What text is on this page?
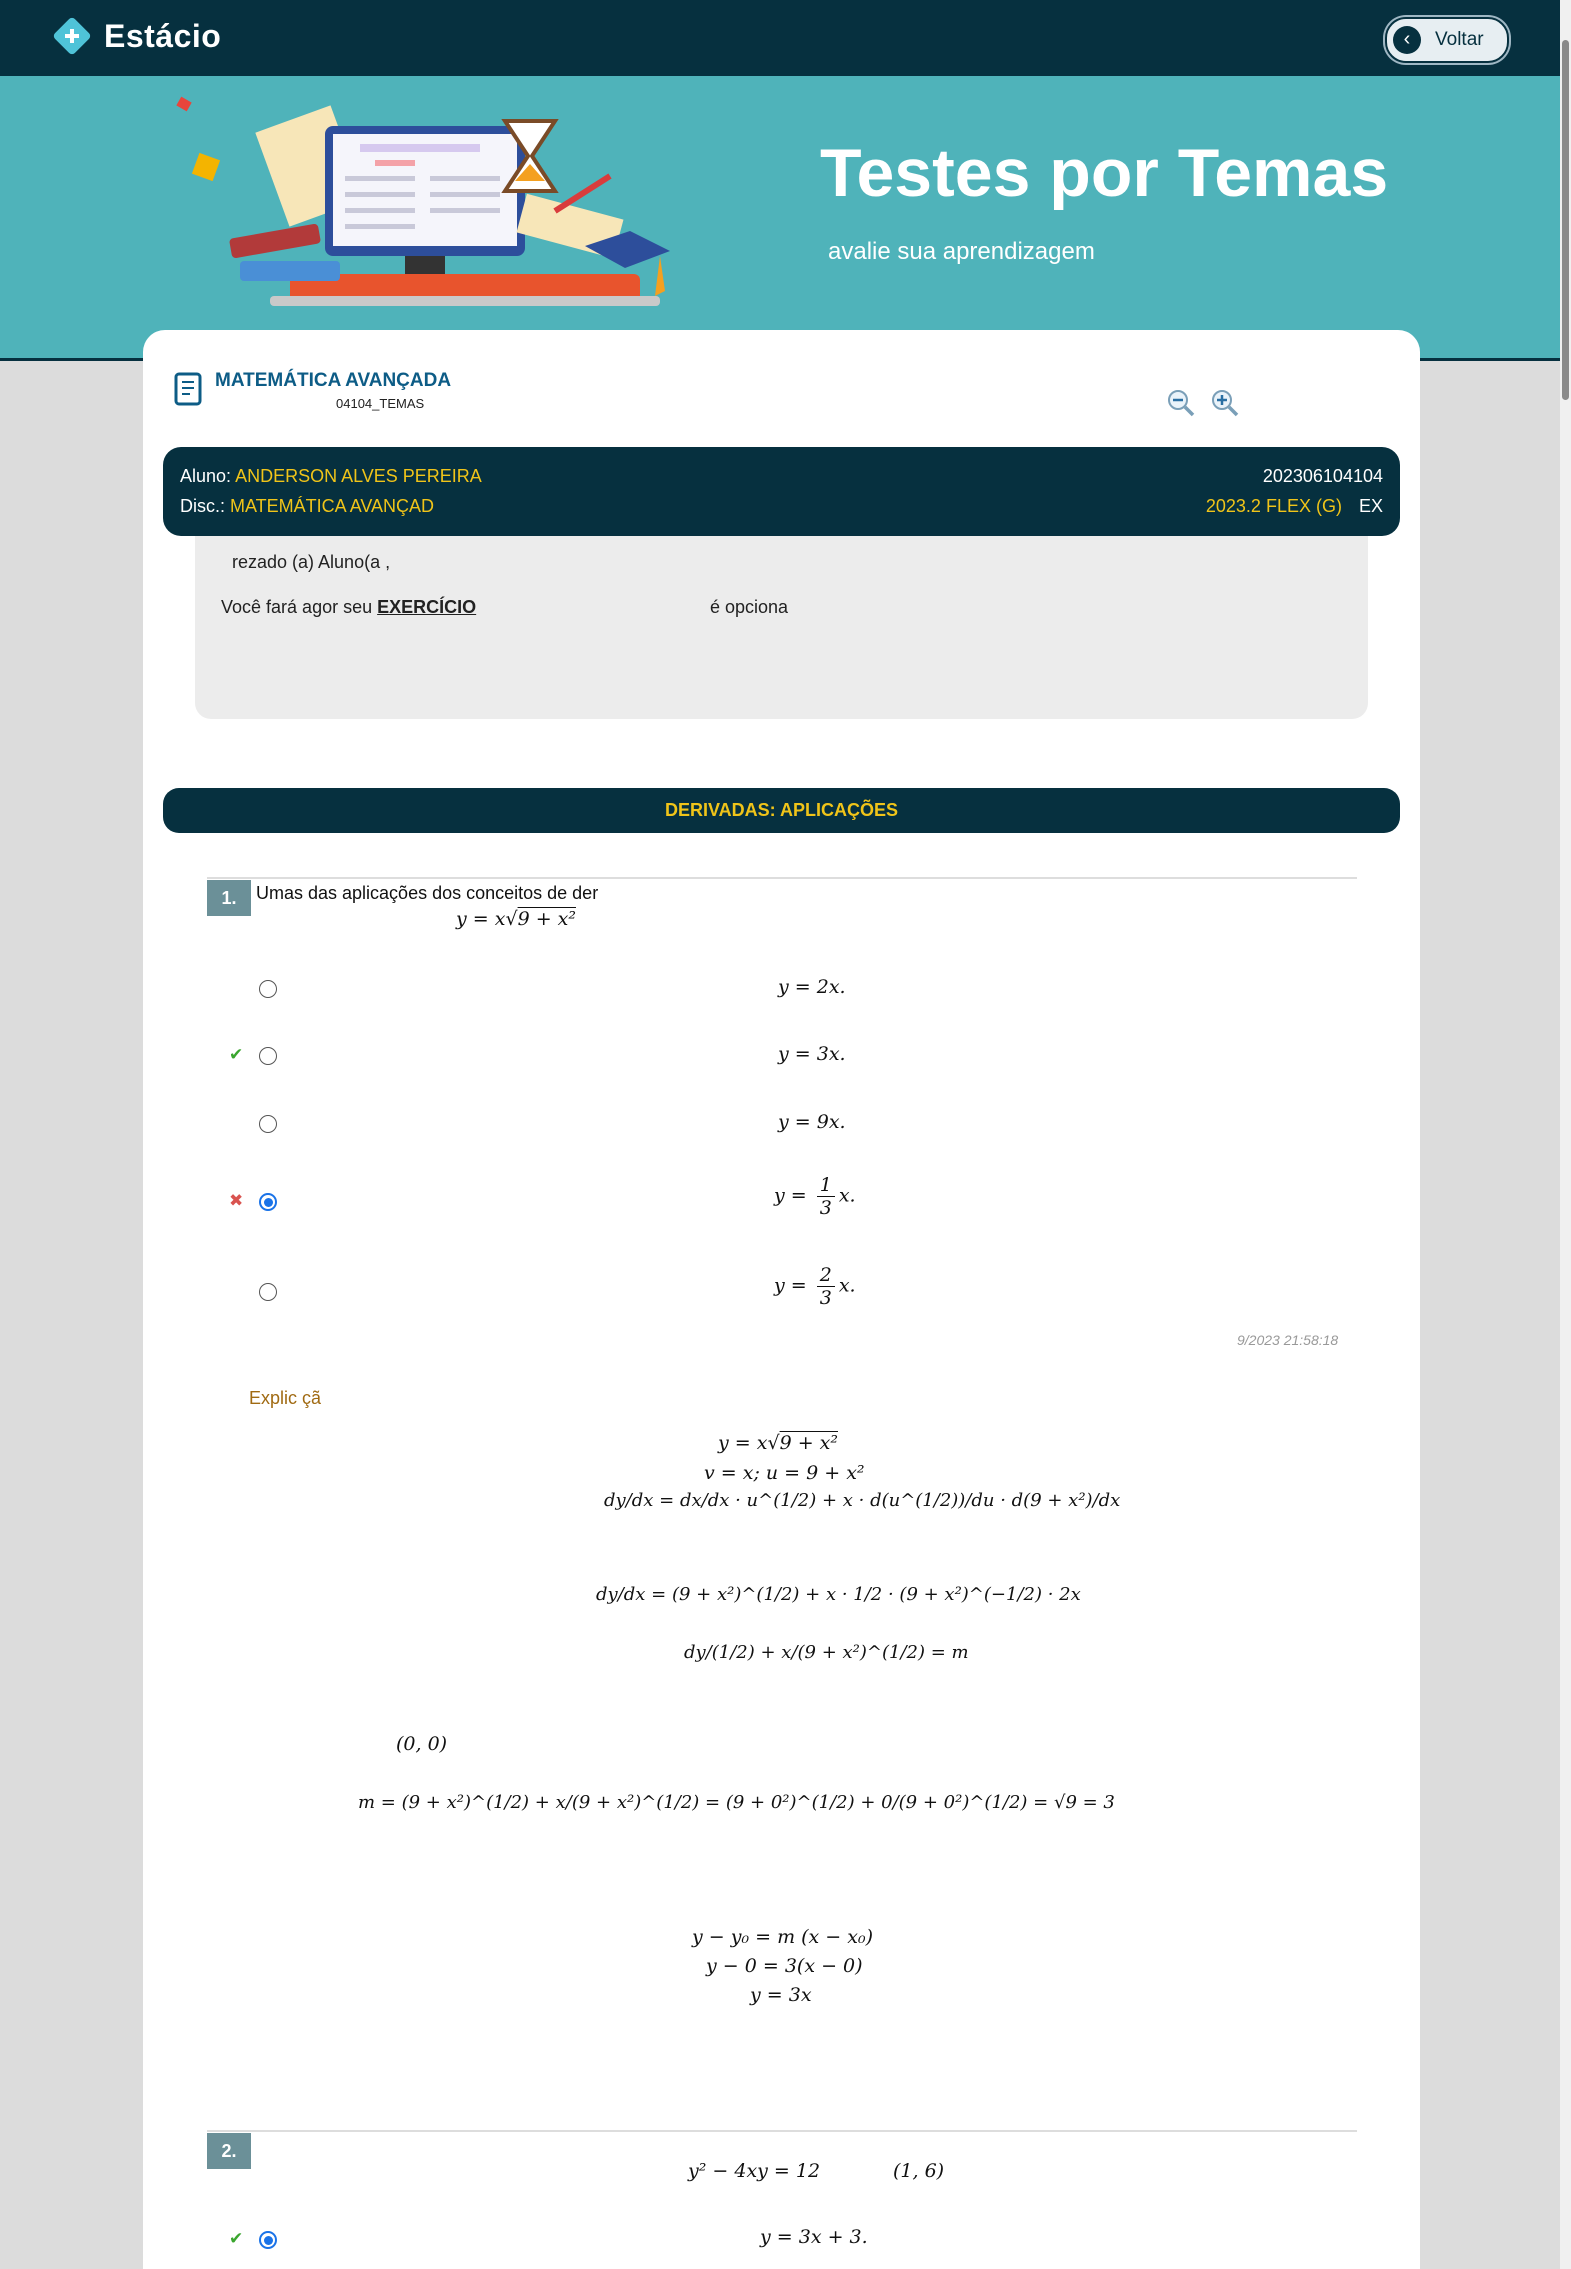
Estácio	‹	Voltar
Testes por Temas
avalie sua aprendizagem
MATEMÁTICA AVANÇADA
04104_TEMAS
Aluno: ANDERSON ALVES PEREIRA	202306104104
Disc.: MATEMÁTICA AVANÇAD	2023.2 FLEX (G) EX

rezado (a) Aluno(a ,

Você fará agor seu EXERCÍCIO	é opciona

DERIVADAS: APLICAÇÕES
1.	Umas das aplicações dos conceitos de der
y = x√9 + x²
y = 2x.
✔	y = 3x.
y = 9x.
✖	$y = \frac{1}{3} x$.
$y = \frac{2}{3} x$.
9/2023 21:58:18
Explic çã
y = x√9 + x²
v = x; u = 9 + x²
dy/dx = dx/dx · u^(1/2) + x · d(u^(1/2))/du · d(9 + x²)/dx
dy/dx = (9 + x²)^(1/2) + x · 1/2 · (9 + x²)^(−1/2) · 2x
dy/(1/2) + x/(9 + x²)^(1/2) = m
(0, 0)
m = (9 + x²)^(1/2) + x/(9 + x²)^(1/2) = (9 + 0²)^(1/2) + 0/(9 + 0²)^(1/2) = √9 = 3
y − y₀ = m (x − x₀)
y − 0 = 3(x − 0)
y = 3x
2.
y² − 4xy = 12	(1, 6)
✔	y = 3x + 3.
